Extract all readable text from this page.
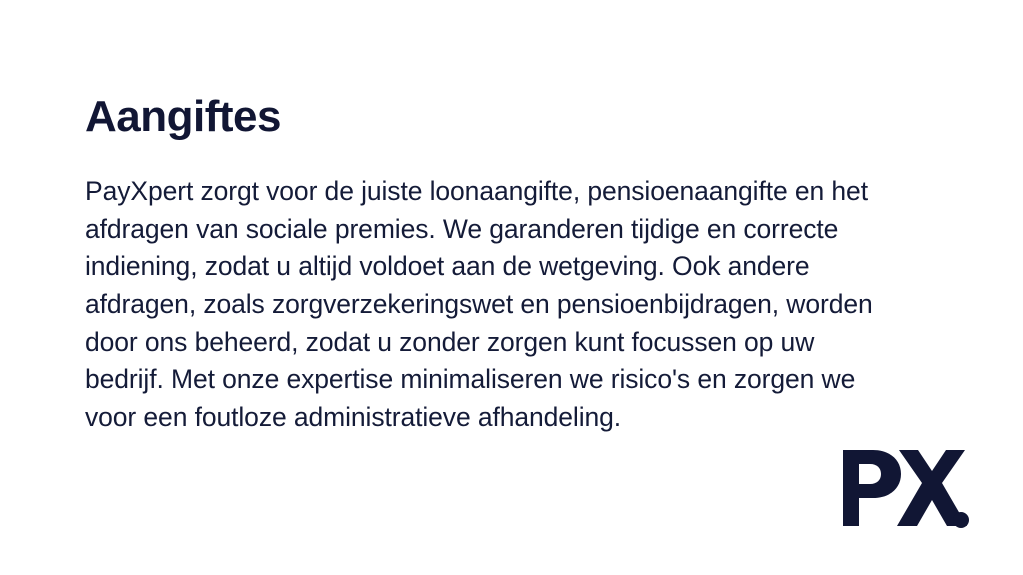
Aangiftes

PayXpert zorgt voor de juiste loonaangifte, pensioenaangifte en het afdragen van sociale premies. We garanderen tijdige en correcte indiening, zodat u altijd voldoet aan de wetgeving. Ook andere afdragen, zoals zorgverzekeringswet en pensioenbijdragen, worden door ons beheerd, zodat u zonder zorgen kunt focussen op uw bedrijf. Met onze expertise minimaliseren we risico's en zorgen we voor een foutloze administratieve afhandeling.
